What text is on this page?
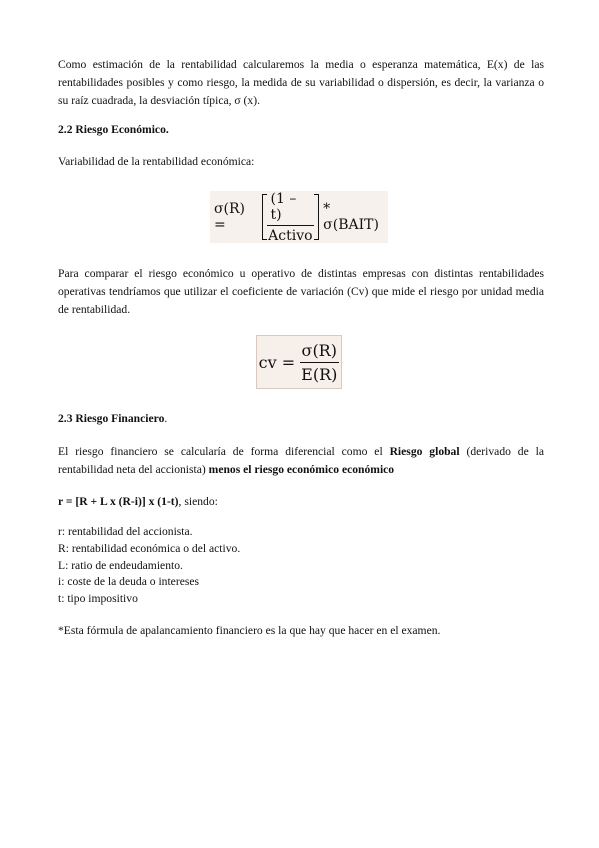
Como estimación de la rentabilidad calcularemos la media o esperanza matemática, E(x) de las rentabilidades posibles y como riesgo, la medida de su variabilidad o dispersión, es decir, la varianza o su raíz cuadrada, la desviación típica, σ (x).
2.2 Riesgo Económico.
Variabilidad de la rentabilidad económica:
σ(R) =	$\frac{(1 - t)}{\text{Activo}}$ * σ(BAIT)
Para comparar el riesgo económico u operativo de distintas empresas con distintas rentabilidades operativas tendríamos que utilizar el coeficiente de variación (Cv) que mide el riesgo por unidad media de rentabilidad.
cv = $\frac{\sigma(R)}{E(R)}$
2.3 Riesgo Financiero.
El riesgo financiero se calcularía de forma diferencial como el Riesgo global (derivado de la rentabilidad neta del accionista) menos el riesgo económico económico
r = [R + L x (R-i)] x (1-t), siendo:
r: rentabilidad del accionista.
R: rentabilidad económica o del activo.
L: ratio de endeudamiento.
i: coste de la deuda o intereses
t: tipo impositivo
*Esta fórmula de apalancamiento financiero es la que hay que hacer en el examen.
